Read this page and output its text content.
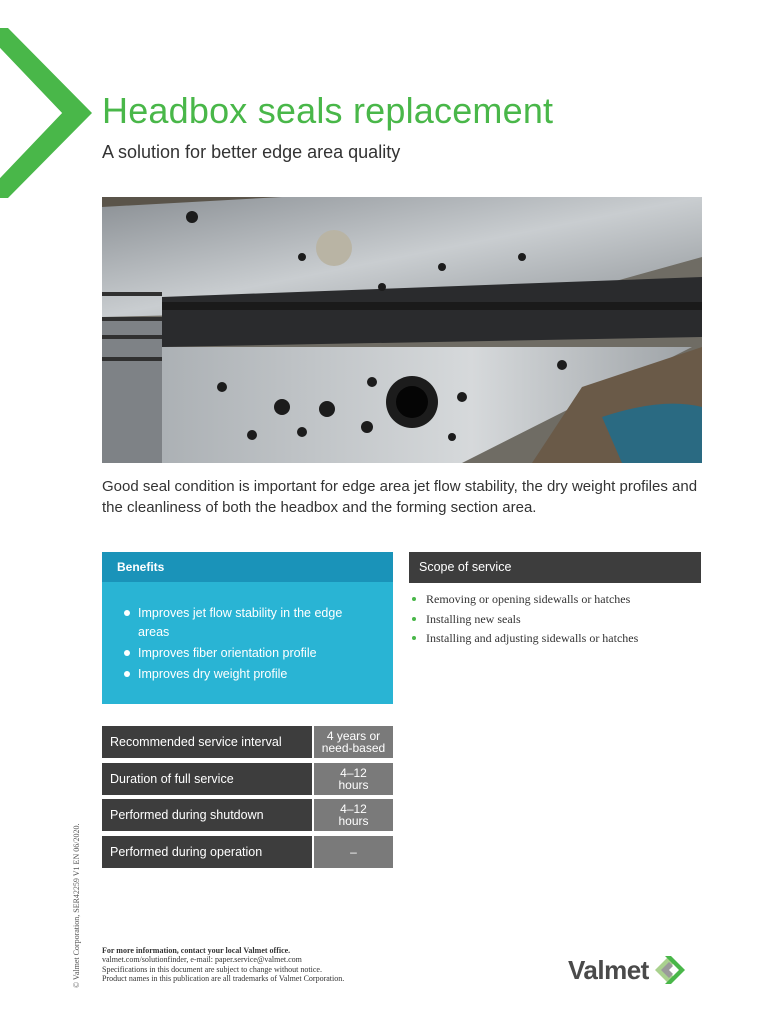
Headbox seals replacement

A solution for better edge area quality

Good seal condition is important for edge area jet flow stability, the dry weight profiles and the cleanliness of both the headbox and the forming section area.

Benefits
Improves jet flow stability in the edge areas
Improves fiber orientation profile
Improves dry weight profile
Scope of service
Removing or opening sidewalls or hatches
Installing new seals
Installing and adjusting sidewalls or hatches
Recommended service interval	4 years or
need-based
Duration of full service	4–12
hours
Performed during shutdown	4–12
hours
Performed during operation	–
© Valmet Corporation, SER42259 V1 EN 06/2020.	For more information, contact your local Valmet office.
valmet.com/solutionfinder, e-mail: paper.service@valmet.com
Specifications in this document are subject to change without notice.
Product names in this publication are all trademarks of Valmet Corporation.	Valmet
